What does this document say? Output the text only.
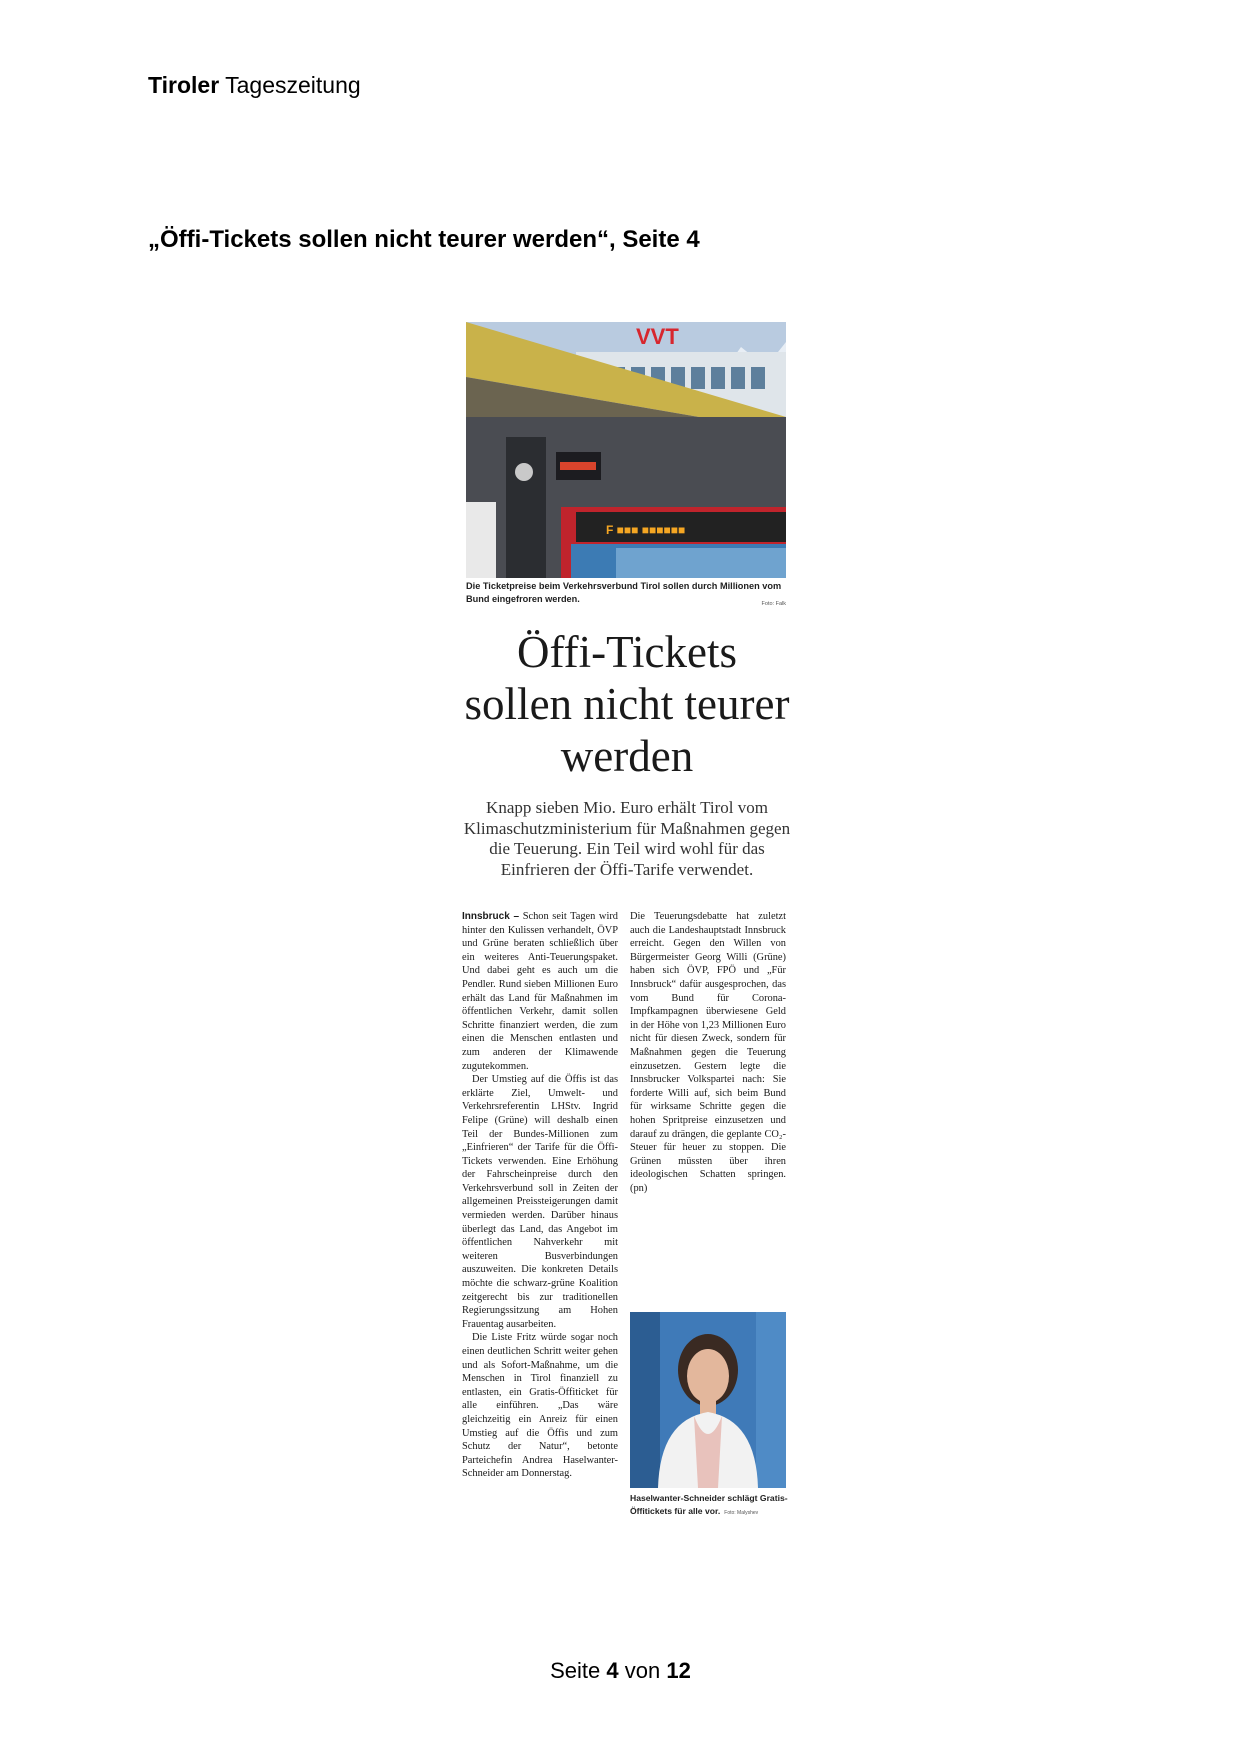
Tiroler Tageszeitung
„Öffi-Tickets sollen nicht teurer werden“, Seite 4
VVT
F ■■■ ■■■■■■
Die Ticketpreise beim Verkehrsverbund Tirol sollen durch Millionen vom Bund eingefroren werden.	Foto: Falk
Öffi-Tickets sollen nicht teurer werden
Knapp sieben Mio. Euro erhält Tirol vom Klimaschutzministerium für Maßnahmen gegen die Teuerung. Ein Teil wird wohl für das Einfrieren der Öffi-Tarife verwendet.

Innsbruck – Schon seit Tagen wird hinter den Kulissen verhandelt, ÖVP und Grüne beraten schließlich über ein weiteres Anti-Teuerungspaket. Und dabei geht es auch um die Pendler. Rund sieben Millionen Euro erhält das Land für Maßnahmen im öffentlichen Verkehr, damit sollen Schritte finanziert werden, die zum einen die Menschen entlasten und zum anderen der Klimawende zugutekommen.

Der Umstieg auf die Öffis ist das erklärte Ziel, Umwelt- und Verkehrsreferentin LHStv. Ingrid Felipe (Grüne) will deshalb einen Teil der Bundes-Millionen zum „Einfrieren“ der Tarife für die Öffi-Tickets verwenden. Eine Erhöhung der Fahrscheinpreise durch den Verkehrsverbund soll in Zeiten der allgemeinen Preissteigerungen damit vermieden werden. Darüber hinaus überlegt das Land, das Angebot im öffentlichen Nahverkehr mit weiteren Busverbindungen auszuweiten. Die konkreten Details möchte die schwarz-grüne Koalition zeitgerecht bis zur traditionellen Regierungssitzung am Hohen Frauentag ausarbeiten.

Die Liste Fritz würde sogar noch einen deutlichen Schritt weiter gehen und als Sofort-Maßnahme, um die Menschen in Tirol finanziell zu entlasten, ein Gratis-Öffiticket für alle einführen. „Das wäre gleichzeitig ein Anreiz für einen Umstieg auf die Öffis und zum Schutz der Natur“, betonte Parteichefin Andrea Haselwanter-Schneider am Donnerstag.

Die Teuerungsdebatte hat zuletzt auch die Landeshauptstadt Innsbruck erreicht. Gegen den Willen von Bürgermeister Georg Willi (Grüne) haben sich ÖVP, FPÖ und „Für Innsbruck“ dafür ausgesprochen, das vom Bund für Corona-Impfkampagnen überwiesene Geld in der Höhe von 1,23 Millionen Euro nicht für diesen Zweck, sondern für Maßnahmen gegen die Teuerung einzusetzen. Gestern legte die Innsbrucker Volkspartei nach: Sie forderte Willi auf, sich beim Bund für wirksame Schritte gegen die hohen Spritpreise einzusetzen und darauf zu drängen, die geplante CO₂-Steuer für heuer zu stoppen. Die Grünen müssten über ihren ideologischen Schatten springen. (pn)

Haselwanter-Schneider schlägt Gratis-Öffitickets für alle vor. Foto: Malyshev
Seite 4 von 12
